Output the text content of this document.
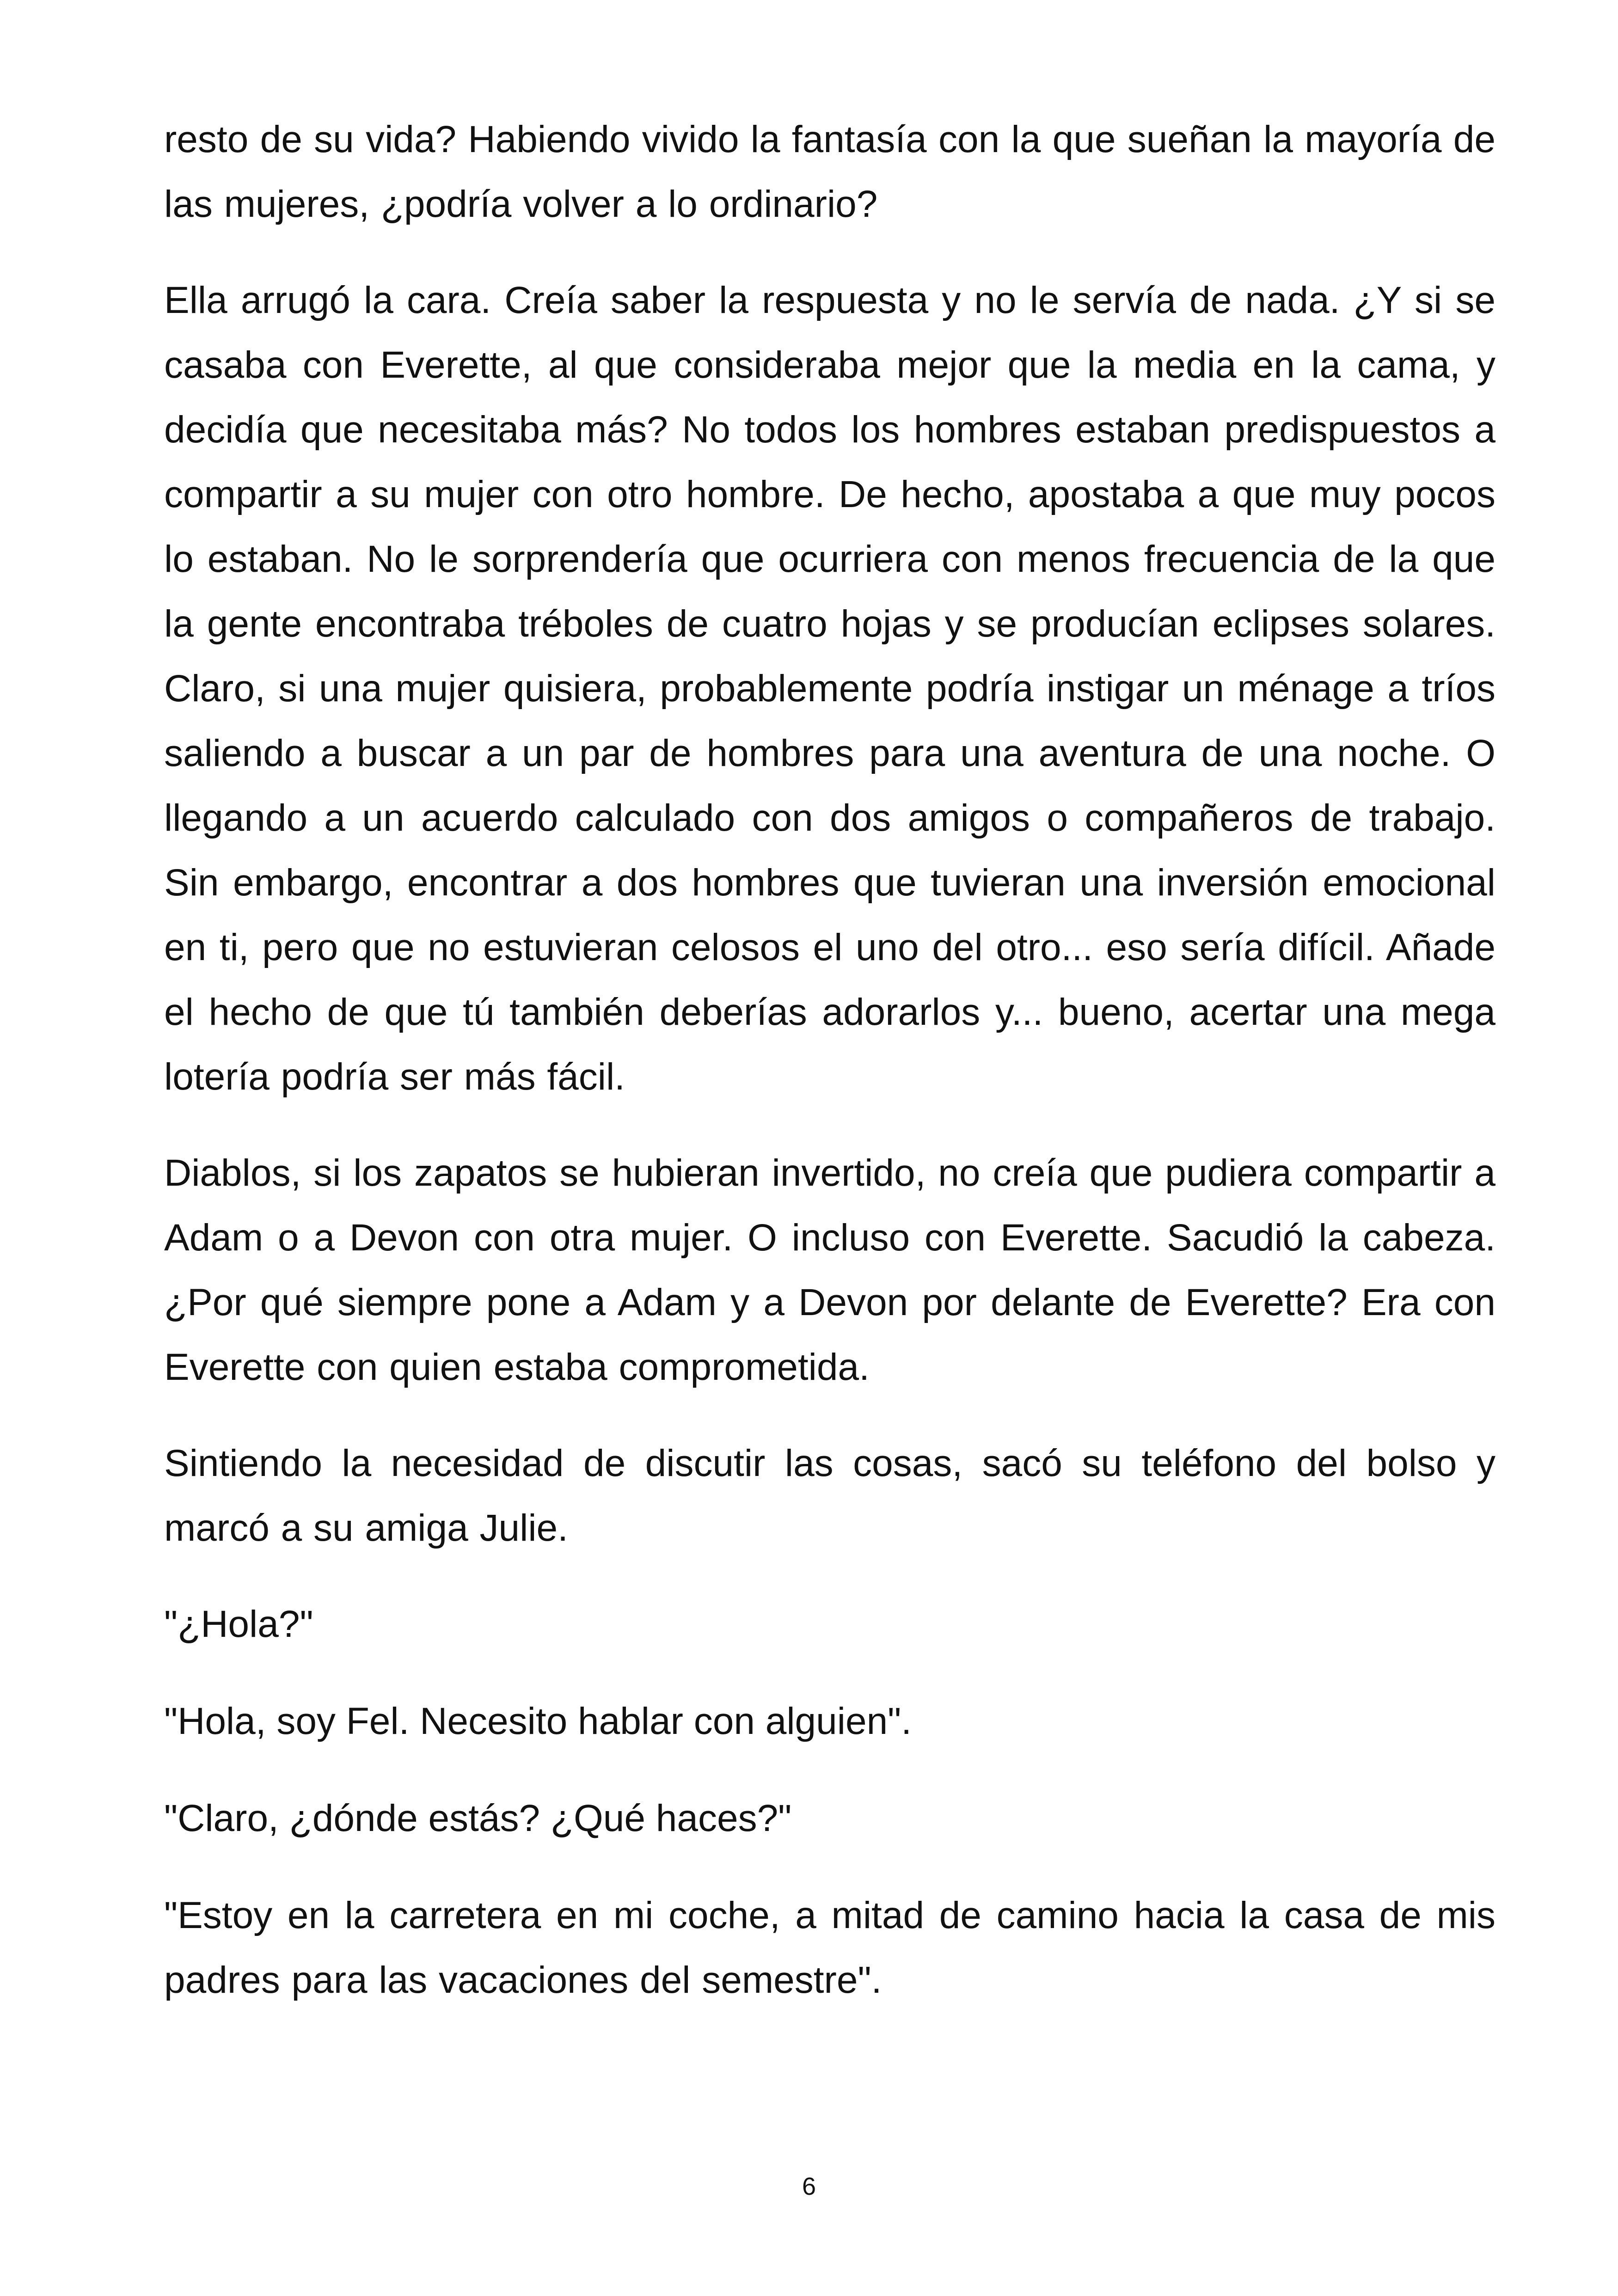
resto de su vida? Habiendo vivido la fantasía con la que sueñan la mayoría de las mujeres, ¿podría volver a lo ordinario?

Ella arrugó la cara. Creía saber la respuesta y no le servía de nada. ¿Y si se casaba con Everette, al que consideraba mejor que la media en la cama, y decidía que necesitaba más? No todos los hombres estaban predispuestos a compartir a su mujer con otro hombre. De hecho, apostaba a que muy pocos lo estaban. No le sorprendería que ocurriera con menos frecuencia de la que la gente encontraba tréboles de cuatro hojas y se producían eclipses solares. Claro, si una mujer quisiera, probablemente podría instigar un ménage a tríos saliendo a buscar a un par de hombres para una aventura de una noche. O llegando a un acuerdo calculado con dos amigos o compañeros de trabajo. Sin embargo, encontrar a dos hombres que tuvieran una inversión emocional en ti, pero que no estuvieran celosos el uno del otro... eso sería difícil. Añade el hecho de que tú también deberías adorarlos y... bueno, acertar una mega lotería podría ser más fácil.

Diablos, si los zapatos se hubieran invertido, no creía que pudiera compartir a Adam o a Devon con otra mujer. O incluso con Everette. Sacudió la cabeza. ¿Por qué siempre pone a Adam y a Devon por delante de Everette? Era con Everette con quien estaba comprometida.

Sintiendo la necesidad de discutir las cosas, sacó su teléfono del bolso y marcó a su amiga Julie.

"¿Hola?"

"Hola, soy Fel. Necesito hablar con alguien".

"Claro, ¿dónde estás? ¿Qué haces?"

"Estoy en la carretera en mi coche, a mitad de camino hacia la casa de mis padres para las vacaciones del semestre".

6
